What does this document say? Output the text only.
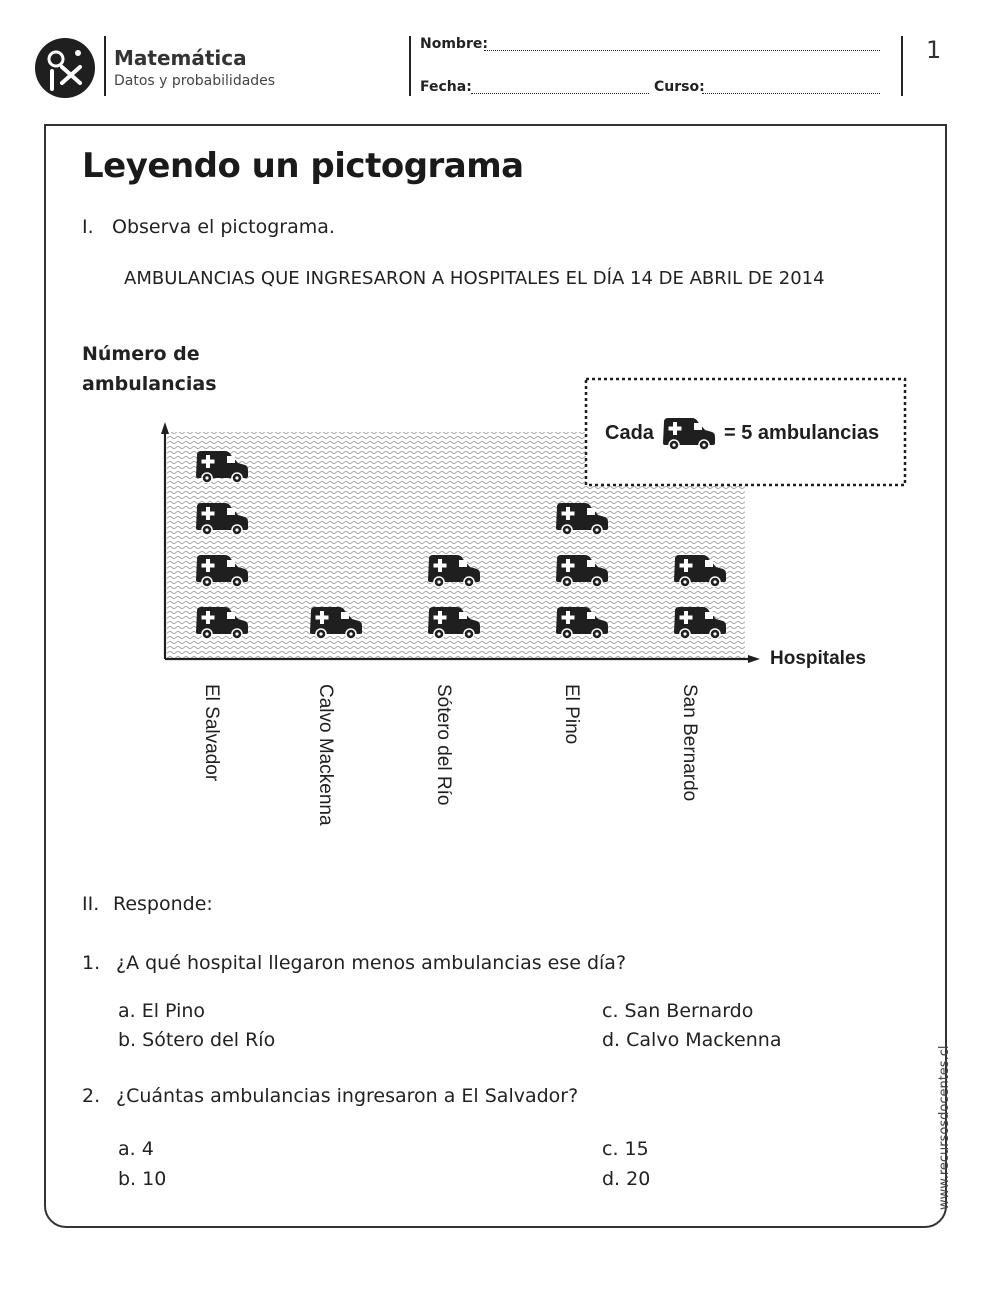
Matemática
Datos y probabilidades
Nombre:
Fecha:	Curso:
1
Leyendo un pictograma
I. Observa el pictograma.
AMBULANCIAS QUE INGRESARON A HOSPITALES EL DÍA 14 DE ABRIL DE 2014
Número de
ambulancias
Cada	= 5 ambulancias
Hospitales
El Salvador	Calvo Mackenna	Sótero del Río	El Pino	San Bernardo
II. Responde:
1. ¿A qué hospital llegaron menos ambulancias ese día?
a. El Pino
b. Sótero del Río
c. San Bernardo
d. Calvo Mackenna
2. ¿Cuántas ambulancias ingresaron a El Salvador?
a. 4
b. 10
c. 15
d. 20	www.recursosdocentes.cl
